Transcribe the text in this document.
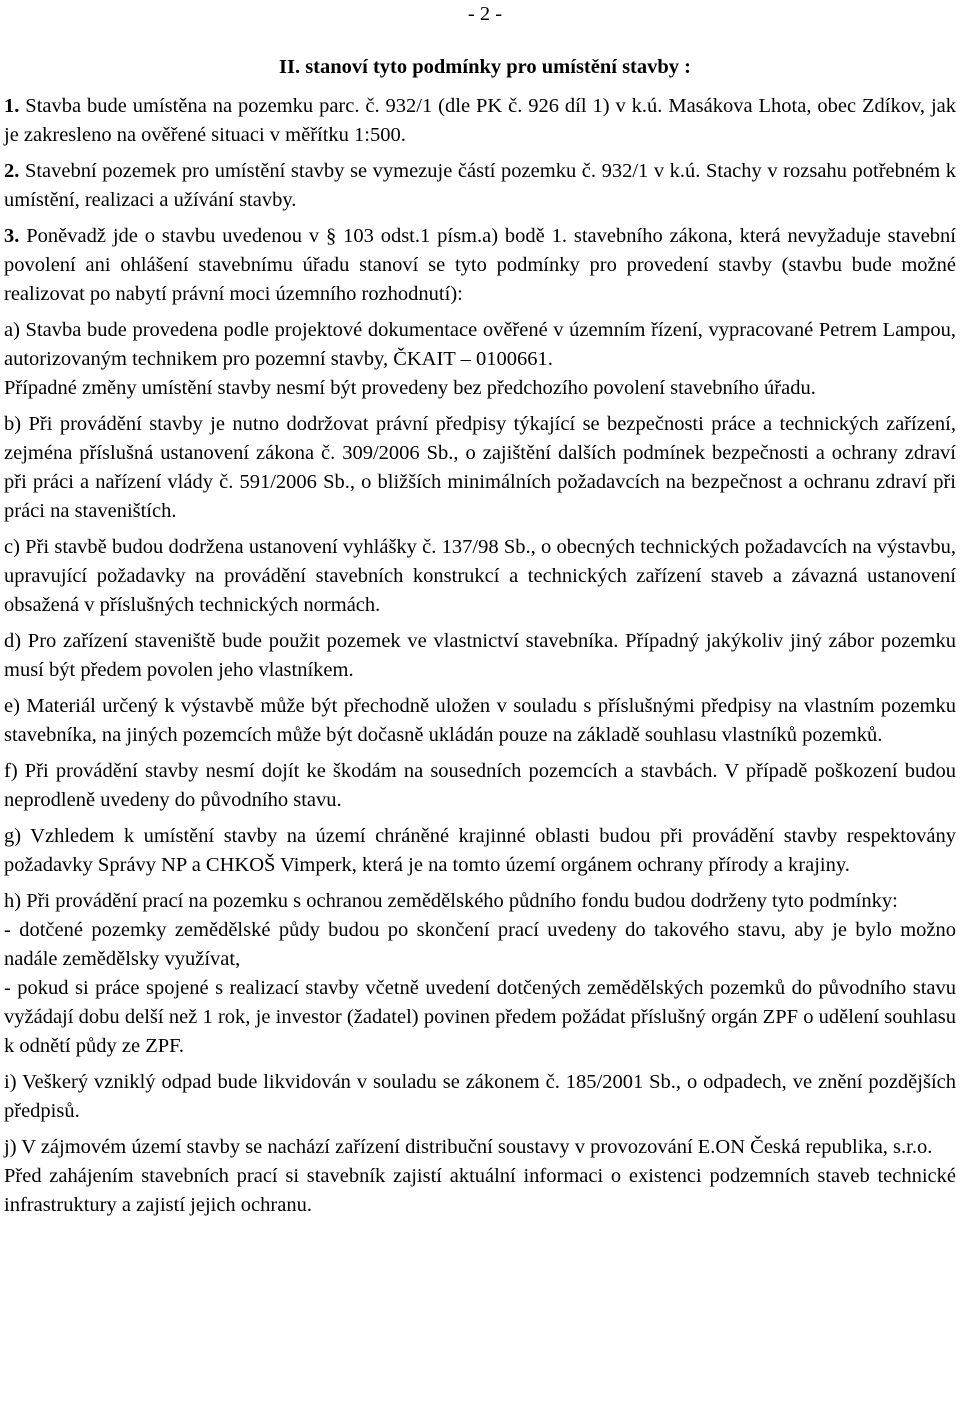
- 2 -
II. stanoví tyto podmínky pro umístění stavby :

1. Stavba bude umístěna na pozemku parc. č. 932/1 (dle PK č. 926 díl 1) v k.ú. Masákova Lhota, obec Zdíkov, jak je zakresleno na ověřené situaci v měřítku 1:500.

2. Stavební pozemek pro umístění stavby se vymezuje částí pozemku č. 932/1 v k.ú. Stachy v rozsahu potřebném k umístění, realizaci a užívání stavby.

3. Poněvadž jde o stavbu uvedenou v § 103 odst.1 písm.a) bodě 1. stavebního zákona, která nevyžaduje stavební povolení ani ohlášení stavebnímu úřadu stanoví se tyto podmínky pro provedení stavby (stavbu bude možné realizovat po nabytí právní moci územního rozhodnutí):

a) Stavba bude provedena podle projektové dokumentace ověřené v územním řízení, vypracované Petrem Lampou, autorizovaným technikem pro pozemní stavby, ČKAIT – 0100661.

Případné změny umístění stavby nesmí být provedeny bez předchozího povolení stavebního úřadu.

b) Při provádění stavby je nutno dodržovat právní předpisy týkající se bezpečnosti práce a technických zařízení, zejména příslušná ustanovení zákona č. 309/2006 Sb., o zajištění dalších podmínek bezpečnosti a ochrany zdraví při práci a nařízení vlády č. 591/2006 Sb., o bližších minimálních požadavcích na bezpečnost a ochranu zdraví při práci na staveništích.

c) Při stavbě budou dodržena ustanovení vyhlášky č. 137/98 Sb., o obecných technických požadavcích na výstavbu, upravující požadavky na provádění stavebních konstrukcí a technických zařízení staveb a závazná ustanovení obsažená v příslušných technických normách.

d) Pro zařízení staveniště bude použit pozemek ve vlastnictví stavebníka. Případný jakýkoliv jiný zábor pozemku musí být předem povolen jeho vlastníkem.

e) Materiál určený k výstavbě může být přechodně uložen v souladu s příslušnými předpisy na vlastním pozemku stavebníka, na jiných pozemcích může být dočasně ukládán pouze na základě souhlasu vlastníků pozemků.

f) Při provádění stavby nesmí dojít ke škodám na sousedních pozemcích a stavbách. V případě poškození budou neprodleně uvedeny do původního stavu.

g) Vzhledem k umístění stavby na území chráněné krajinné oblasti budou při provádění stavby respektovány požadavky Správy NP a CHKOŠ Vimperk, která je na tomto území orgánem ochrany přírody a krajiny.

h) Při provádění prací na pozemku s ochranou zemědělského půdního fondu budou dodrženy tyto podmínky:

- dotčené pozemky zemědělské půdy budou po skončení prací uvedeny do takového stavu, aby je bylo možno nadále zemědělsky využívat,

- pokud si práce spojené s realizací stavby včetně uvedení dotčených zemědělských pozemků do původního stavu vyžádají dobu delší než 1 rok, je investor (žadatel) povinen předem požádat příslušný orgán ZPF o udělení souhlasu k odnětí půdy ze ZPF.

i) Veškerý vzniklý odpad bude likvidován v souladu se zákonem č. 185/2001 Sb., o odpadech, ve znění pozdějších předpisů.

j) V zájmovém území stavby se nachází zařízení distribuční soustavy v provozování E.ON Česká republika, s.r.o.

Před zahájením stavebních prací si stavebník zajistí aktuální informaci o existenci podzemních staveb technické infrastruktury a zajistí jejich ochranu.
